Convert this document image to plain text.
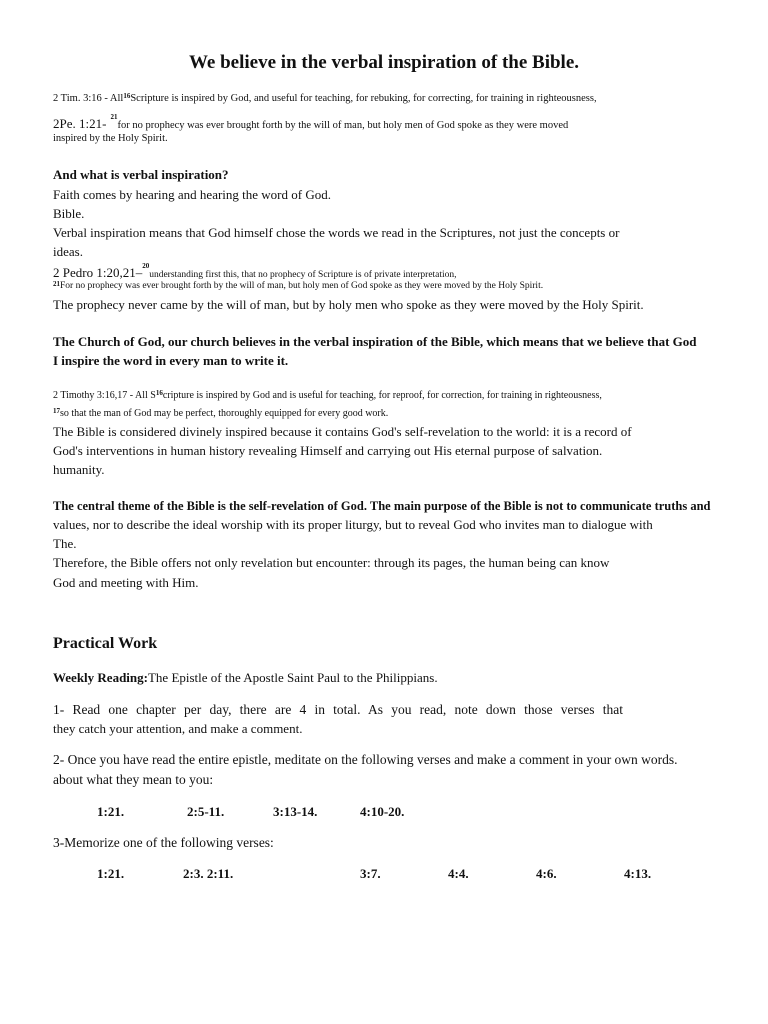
We believe in the verbal inspiration of the Bible.
2 Tim. 3:16 - All$^{16}$Scripture is inspired by God, and useful for teaching, for rebuking, for correcting, for training in righteousness,
2Pe. 1:21- $^{21}$for no prophecy was ever brought forth by the will of man, but holy men of God spoke as they were moved
inspired by the Holy Spirit.
And what is verbal inspiration?
Faith comes by hearing and hearing the word of God.
Bible.
Verbal inspiration means that God himself chose the words we read in the Scriptures, not just the concepts or
ideas.
2 Pedro 1:20,21–$^{20}$understanding first this, that no prophecy of Scripture is of private interpretation,
$^{21}$For no prophecy was ever brought forth by the will of man, but holy men of God spoke as they were moved by the Holy Spirit.
The prophecy never came by the will of man, but by holy men who spoke as they were moved by the Holy Spirit.
The Church of God, our church believes in the verbal inspiration of the Bible, which means that we believe that God
I inspire the word in every man to write it.
2 Timothy 3:16,17 - All $S^{16}cripture$ is inspired by God and is useful for teaching, for reproof, for correction, for training in righteousness,
$^{17}$so that the man of God may be perfect, thoroughly equipped for every good work.
The Bible is considered divinely inspired because it contains God's self-revelation to the world: it is a record of
God's interventions in human history revealing Himself and carrying out His eternal purpose of salvation.
humanity.
The central theme of the Bible is the self-revelation of God. The main purpose of the Bible is not to communicate truths and
values, nor to describe the ideal worship with its proper liturgy, but to reveal God who invites man to dialogue with
The.
Therefore, the Bible offers not only revelation but encounter: through its pages, the human being can know
God and meeting with Him.
Practical Work
Weekly Reading:The Epistle of the Apostle Saint Paul to the Philippians.
1- Read one chapter per day, there are 4 in total. As you read, note down those verses that
they catch your attention, and make a comment.
2- Once you have read the entire epistle, meditate on the following verses and make a comment in your own words.
about what they mean to you:
1:21.	2:5-11.	3:13-14.	4:10-20.
3-Memorize one of the following verses:
1:21.	2:3. 2:11.	3:7.	4:4.	4:6.	4:13.
